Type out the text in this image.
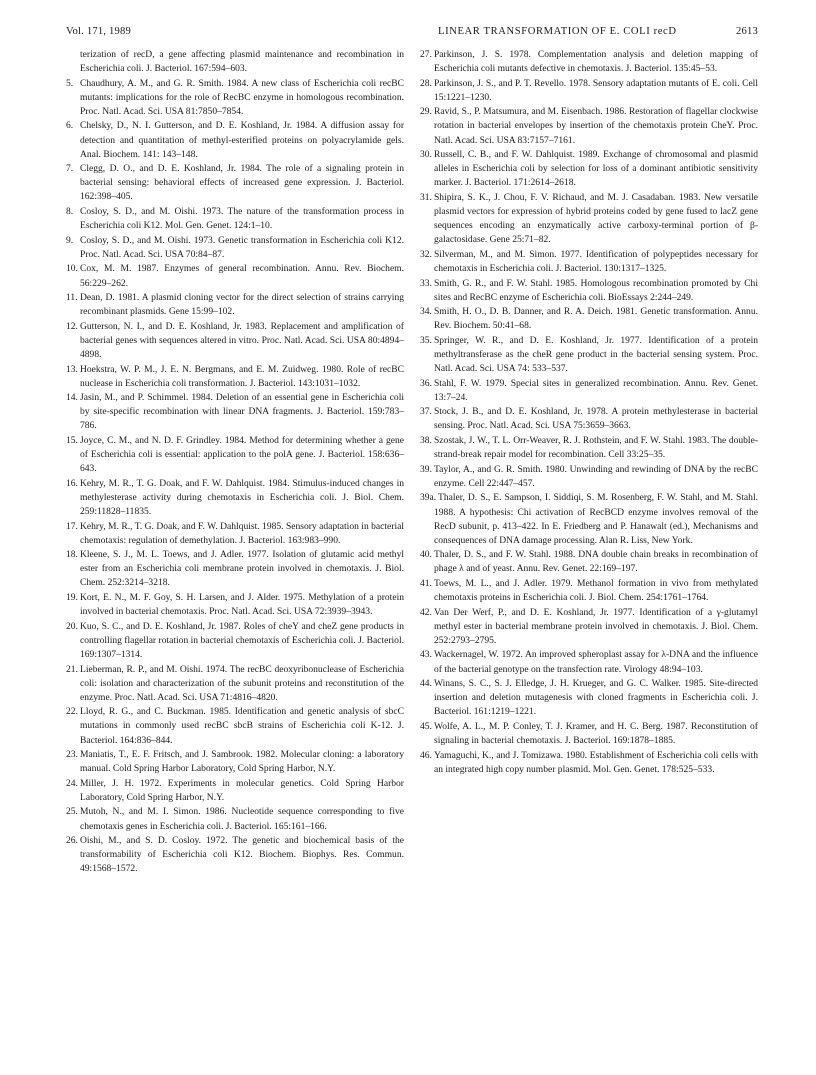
Vol. 171, 1989	LINEAR TRANSFORMATION OF E. COLI recD	2613

terization of recD, a gene affecting plasmid maintenance and recombination in Escherichia coli. J. Bacteriol. 167:594–603.

5. Chaudhury, A. M., and G. R. Smith. 1984. A new class of Escherichia coli recBC mutants: implications for the role of RecBC enzyme in homologous recombination. Proc. Natl. Acad. Sci. USA 81:7850–7854.

6. Chelsky, D., N. I. Gutterson, and D. E. Koshland, Jr. 1984. A diffusion assay for detection and quantitation of methyl-esterified proteins on polyacrylamide gels. Anal. Biochem. 141: 143–148.

7. Clegg, D. O., and D. E. Koshland, Jr. 1984. The role of a signaling protein in bacterial sensing: behavioral effects of increased gene expression. J. Bacteriol. 162:398–405.

8. Cosloy, S. D., and M. Oishi. 1973. The nature of the transformation process in Escherichia coli K12. Mol. Gen. Genet. 124:1–10.

9. Cosloy, S. D., and M. Oishi. 1973. Genetic transformation in Escherichia coli K12. Proc. Natl. Acad. Sci. USA 70:84–87.

10. Cox, M. M. 1987. Enzymes of general recombination. Annu. Rev. Biochem. 56:229–262.

11. Dean, D. 1981. A plasmid cloning vector for the direct selection of strains carrying recombinant plasmids. Gene 15:99–102.

12. Gutterson, N. I., and D. E. Koshland, Jr. 1983. Replacement and amplification of bacterial genes with sequences altered in vitro. Proc. Natl. Acad. Sci. USA 80:4894–4898.

13. Hoekstra, W. P. M., J. E. N. Bergmans, and E. M. Zuidweg. 1980. Role of recBC nuclease in Escherichia coli transformation. J. Bacteriol. 143:1031–1032.

14. Jasin, M., and P. Schimmel. 1984. Deletion of an essential gene in Escherichia coli by site-specific recombination with linear DNA fragments. J. Bacteriol. 159:783–786.

15. Joyce, C. M., and N. D. F. Grindley. 1984. Method for determining whether a gene of Escherichia coli is essential: application to the polA gene. J. Bacteriol. 158:636–643.

16. Kehry, M. R., T. G. Doak, and F. W. Dahlquist. 1984. Stimulus-induced changes in methylesterase activity during chemotaxis in Escherichia coli. J. Biol. Chem. 259:11828–11835.

17. Kehry, M. R., T. G. Doak, and F. W. Dahlquist. 1985. Sensory adaptation in bacterial chemotaxis: regulation of demethylation. J. Bacteriol. 163:983–990.

18. Kleene, S. J., M. L. Toews, and J. Adler. 1977. Isolation of glutamic acid methyl ester from an Escherichia coli membrane protein involved in chemotaxis. J. Biol. Chem. 252:3214–3218.

19. Kort, E. N., M. F. Goy, S. H. Larsen, and J. Alder. 1975. Methylation of a protein involved in bacterial chemotaxis. Proc. Natl. Acad. Sci. USA 72:3939–3943.

20. Kuo, S. C., and D. E. Koshland, Jr. 1987. Roles of cheY and cheZ gene products in controlling flagellar rotation in bacterial chemotaxis of Escherichia coli. J. Bacteriol. 169:1307–1314.

21. Lieberman, R. P., and M. Oishi. 1974. The recBC deoxyribonuclease of Escherichia coli: isolation and characterization of the subunit proteins and reconstitution of the enzyme. Proc. Natl. Acad. Sci. USA 71:4816–4820.

22. Lloyd, R. G., and C. Buckman. 1985. Identification and genetic analysis of sbcC mutations in commonly used recBC sbcB strains of Escherichia coli K-12. J. Bacteriol. 164:836–844.

23. Maniatis, T., E. F. Fritsch, and J. Sambrook. 1982. Molecular cloning: a laboratory manual. Cold Spring Harbor Laboratory, Cold Spring Harbor, N.Y.

24. Miller, J. H. 1972. Experiments in molecular genetics. Cold Spring Harbor Laboratory, Cold Spring Harbor, N.Y.

25. Mutoh, N., and M. I. Simon. 1986. Nucleotide sequence corresponding to five chemotaxis genes in Escherichia coli. J. Bacteriol. 165:161–166.

26. Oishi, M., and S. D. Cosloy. 1972. The genetic and biochemical basis of the transformability of Escherichia coli K12. Biochem. Biophys. Res. Commun. 49:1568–1572.

27. Parkinson, J. S. 1978. Complementation analysis and deletion mapping of Escherichia coli mutants defective in chemotaxis. J. Bacteriol. 135:45–53.

28. Parkinson, J. S., and P. T. Revello. 1978. Sensory adaptation mutants of E. coli. Cell 15:1221–1230.

29. Ravid, S., P. Matsumura, and M. Eisenbach. 1986. Restoration of flagellar clockwise rotation in bacterial envelopes by insertion of the chemotaxis protein CheY. Proc. Natl. Acad. Sci. USA 83:7157–7161.

30. Russell, C. B., and F. W. Dahlquist. 1989. Exchange of chromosomal and plasmid alleles in Escherichia coli by selection for loss of a dominant antibiotic sensitivity marker. J. Bacteriol. 171:2614–2618.

31. Shipira, S. K., J. Chou, F. V. Richaud, and M. J. Casadaban. 1983. New versatile plasmid vectors for expression of hybrid proteins coded by gene fused to lacZ gene sequences encoding an enzymatically active carboxy-terminal portion of β-galactosidase. Gene 25:71–82.

32. Silverman, M., and M. Simon. 1977. Identification of polypeptides necessary for chemotaxis in Escherichia coli. J. Bacteriol. 130:1317–1325.

33. Smith, G. R., and F. W. Stahl. 1985. Homologous recombination promoted by Chi sites and RecBC enzyme of Escherichia coli. BioEssays 2:244–249.

34. Smith, H. O., D. B. Danner, and R. A. Deich. 1981. Genetic transformation. Annu. Rev. Biochem. 50:41–68.

35. Springer, W. R., and D. E. Koshland, Jr. 1977. Identification of a protein methyltransferase as the cheR gene product in the bacterial sensing system. Proc. Natl. Acad. Sci. USA 74: 533–537.

36. Stahl, F. W. 1979. Special sites in generalized recombination. Annu. Rev. Genet. 13:7–24.

37. Stock, J. B., and D. E. Koshland, Jr. 1978. A protein methylesterase in bacterial sensing. Proc. Natl. Acad. Sci. USA 75:3659–3663.

38. Szostak, J. W., T. L. Orr-Weaver, R. J. Rothstein, and F. W. Stahl. 1983. The double-strand-break repair model for recombination. Cell 33:25–35.

39. Taylor, A., and G. R. Smith. 1980. Unwinding and rewinding of DNA by the recBC enzyme. Cell 22:447–457.

39a. Thaler, D. S., E. Sampson, I. Siddiqi, S. M. Rosenberg, F. W. Stahl, and M. Stahl. 1988. A hypothesis: Chi activation of RecBCD enzyme involves removal of the RecD subunit, p. 413–422. In E. Friedberg and P. Hanawalt (ed.), Mechanisms and consequences of DNA damage processing. Alan R. Liss, New York.

40. Thaler, D. S., and F. W. Stahl. 1988. DNA double chain breaks in recombination of phage λ and of yeast. Annu. Rev. Genet. 22:169–197.

41. Toews, M. L., and J. Adler. 1979. Methanol formation in vivo from methylated chemotaxis proteins in Escherichia coli. J. Biol. Chem. 254:1761–1764.

42. Van Der Werf, P., and D. E. Koshland, Jr. 1977. Identification of a γ-glutamyl methyl ester in bacterial membrane protein involved in chemotaxis. J. Biol. Chem. 252:2793–2795.

43. Wackernagel, W. 1972. An improved spheroplast assay for λ-DNA and the influence of the bacterial genotype on the transfection rate. Virology 48:94–103.

44. Winans, S. C., S. J. Elledge, J. H. Krueger, and G. C. Walker. 1985. Site-directed insertion and deletion mutagenesis with cloned fragments in Escherichia coli. J. Bacteriol. 161:1219–1221.

45. Wolfe, A. L., M. P. Conley, T. J. Kramer, and H. C. Berg. 1987. Reconstitution of signaling in bacterial chemotaxis. J. Bacteriol. 169:1878–1885.

46. Yamaguchi, K., and J. Tomizawa. 1980. Establishment of Escherichia coli cells with an integrated high copy number plasmid. Mol. Gen. Genet. 178:525–533.
